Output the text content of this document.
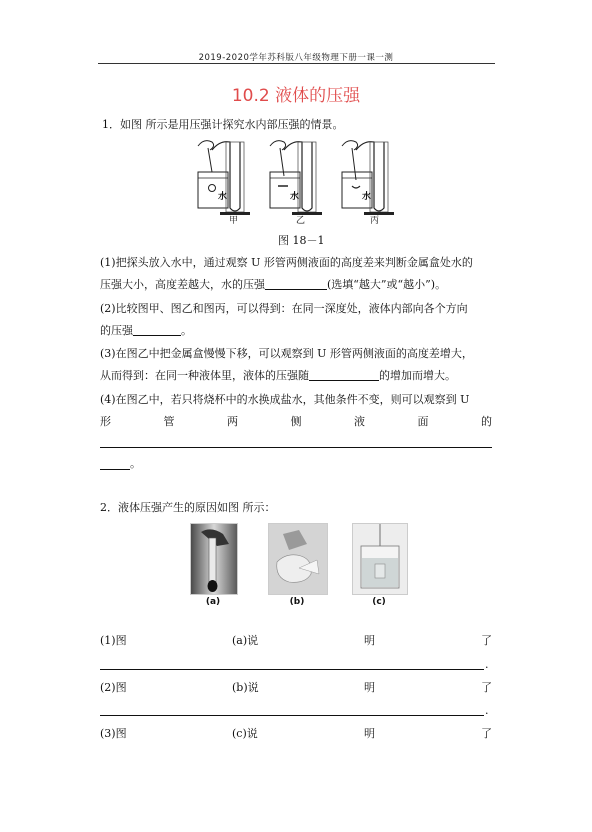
2019-2020学年苏科版八年级物理下册一课一测
10.2 液体的压强
1．如图 所示是用压强计探究水内部压强的情景。
水	水	水
甲	乙	丙
图 18－1
(1)把探头放入水中，通过观察 U 形管两侧液面的高度差来判断金属盒处水的
压强大小，高度差越大，水的压强	(选填“越大”或“越小”)。
(2)比较图甲、图乙和图丙，可以得到：在同一深度处，液体内部向各个方向
的压强	。
(3)在图乙中把金属盒慢慢下移，可以观察到 U 形管两侧液面的高度差增大，
从而得到：在同一种液体里，液体的压强随	的增加而增大。
(4)在图乙中，若只将烧杯中的水换成盐水，其他条件不变，则可以观察到 U
形	管	两	侧	液	面	的
。
2．液体压强产生的原因如图 所示：
(a)	(b)	(c)
(1)图	(a)说	明	了
.
(2)图	(b)说	明	了
.
(3)图	(c)说	明	了
